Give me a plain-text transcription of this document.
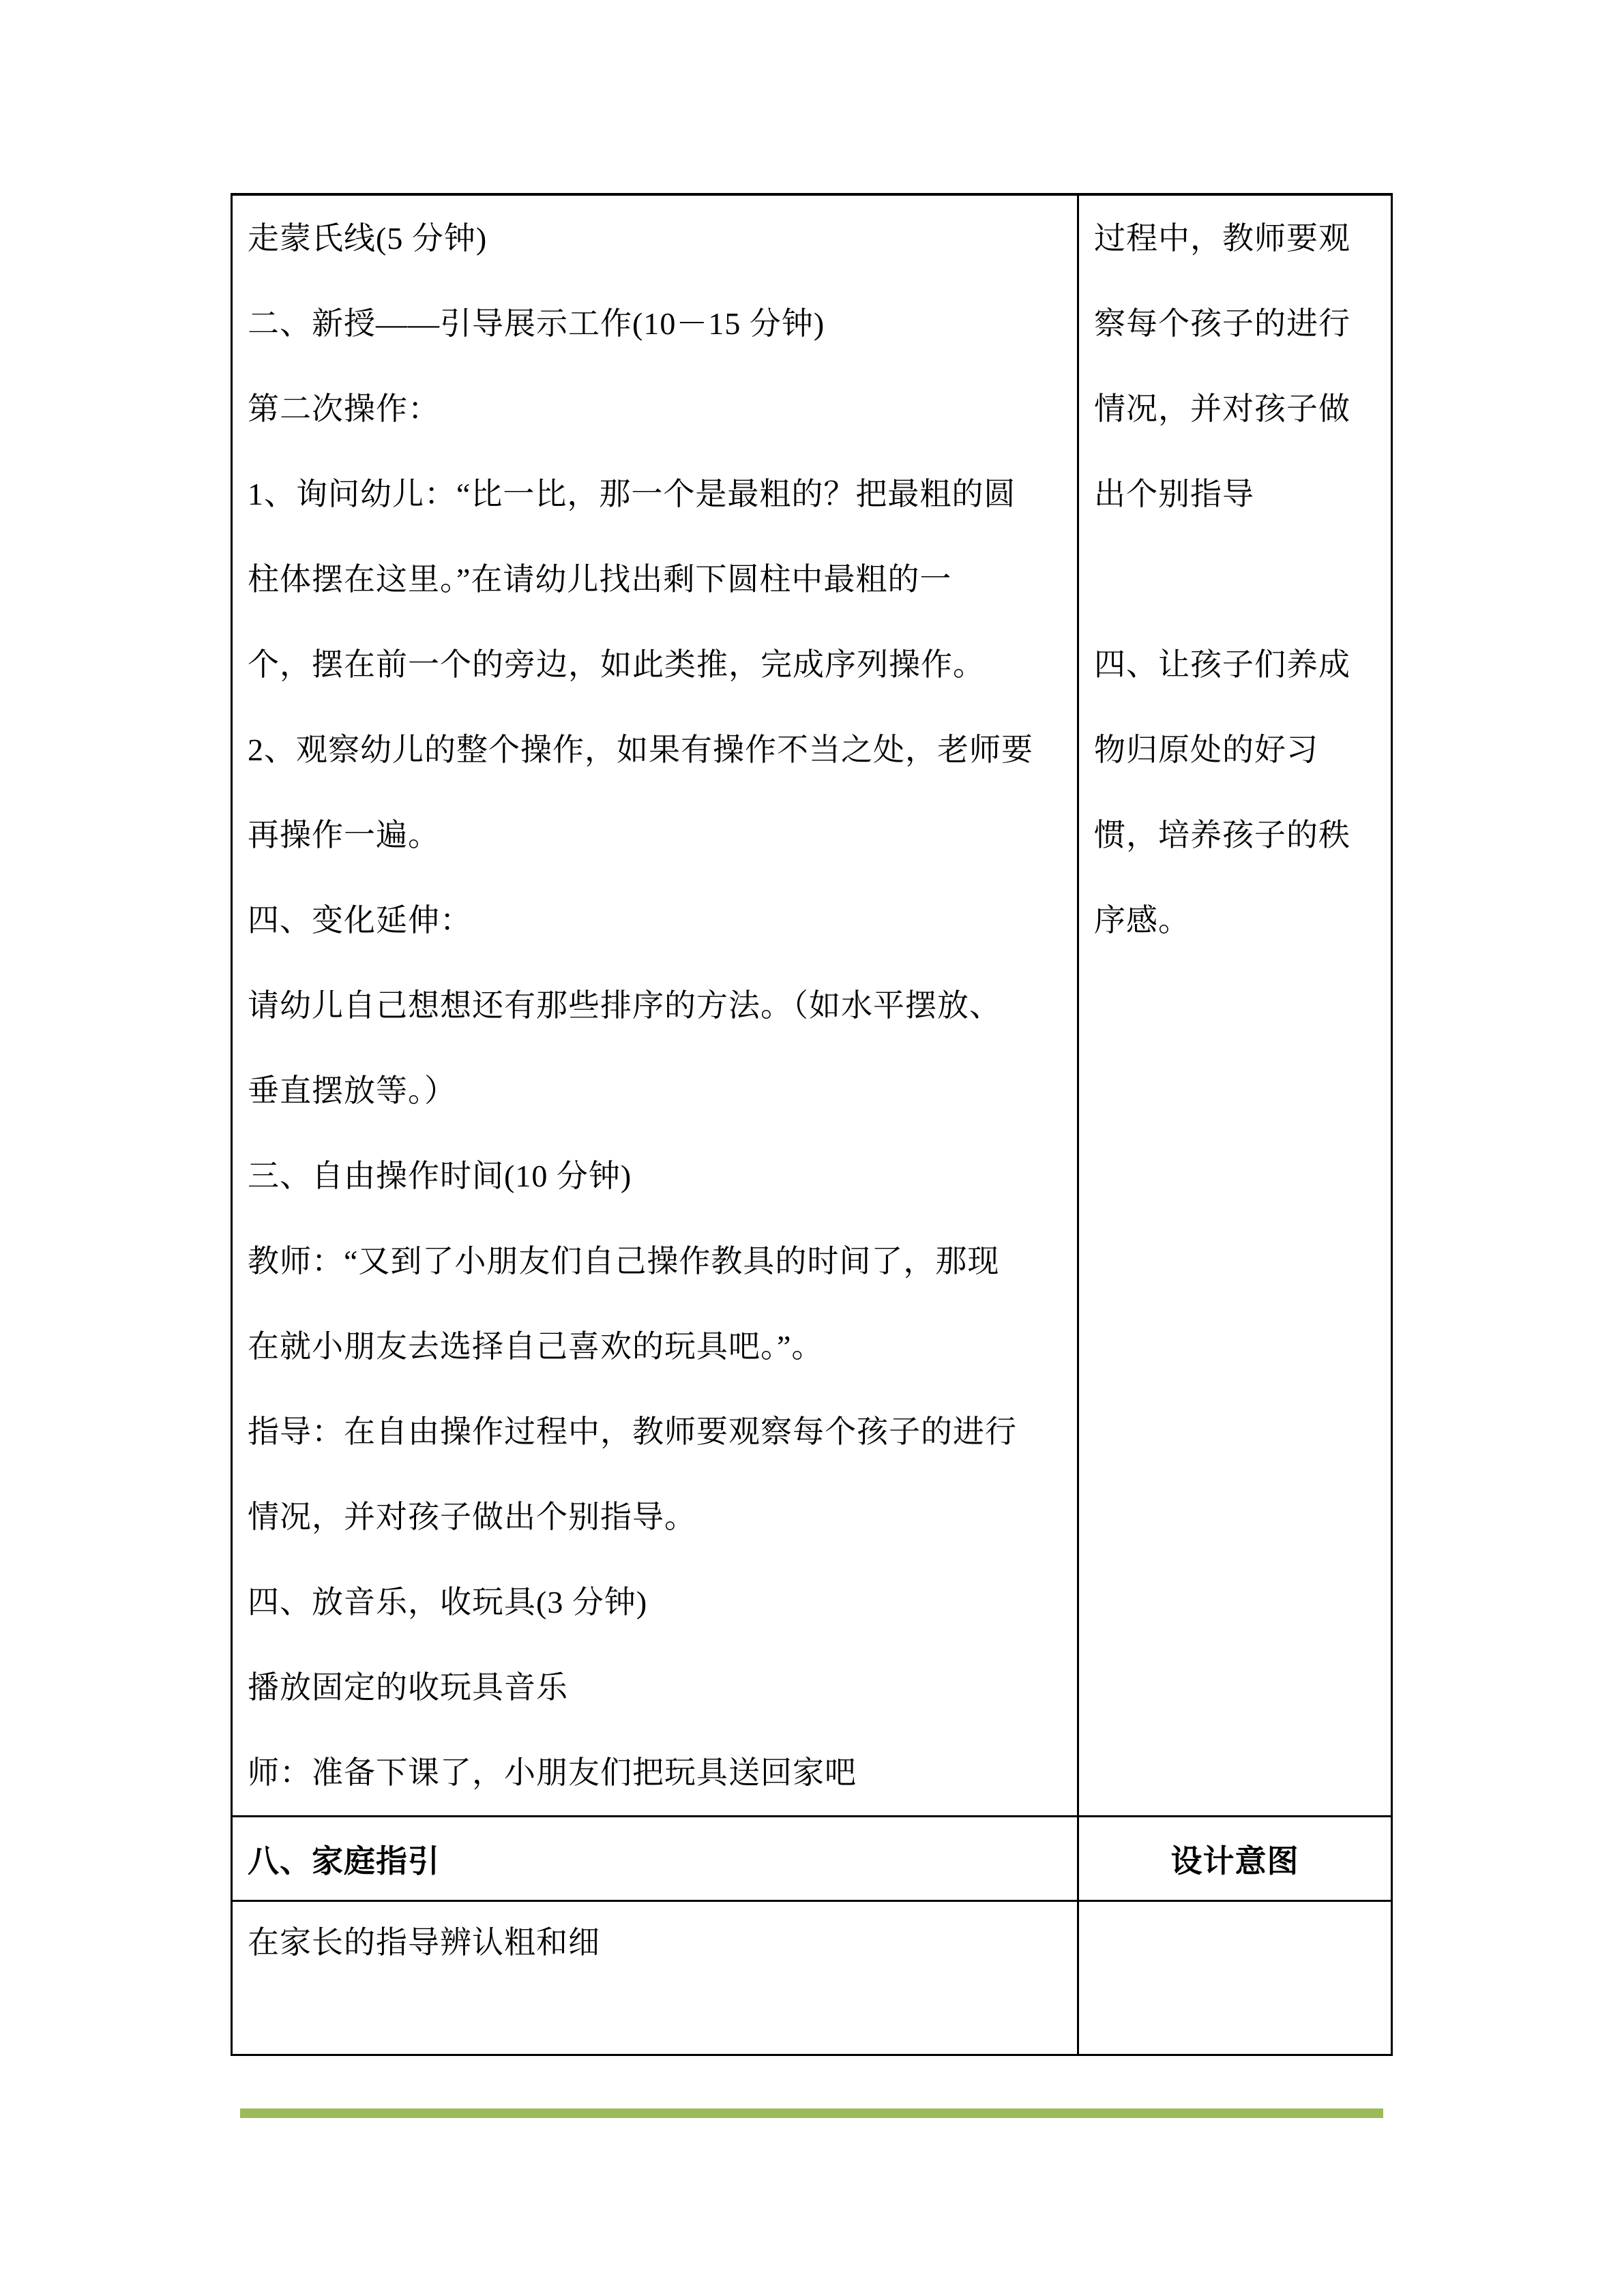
走蒙氏线(5 分钟)

二、新授——引导展示工作(10－15 分钟)

第二次操作：

1、询问幼儿：“比一比，那一个是最粗的？把最粗的圆

柱体摆在这里。”在请幼儿找出剩下圆柱中最粗的一

个，摆在前一个的旁边，如此类推，完成序列操作。

2、观察幼儿的整个操作，如果有操作不当之处，老师要

再操作一遍。

四、变化延伸：

请幼儿自己想想还有那些排序的方法。（如水平摆放、

垂直摆放等。）

三、自由操作时间(10 分钟)

教师：“又到了小朋友们自己操作教具的时间了，那现

在就小朋友去选择自己喜欢的玩具吧。”。

指导：在自由操作过程中，教师要观察每个孩子的进行

情况，并对孩子做出个别指导。

四、放音乐，收玩具(3 分钟)

播放固定的收玩具音乐

师：准备下课了，小朋友们把玩具送回家吧

过程中，教师要观

察每个孩子的进行

情况，并对孩子做

出个别指导

四、让孩子们养成

物归原处的好习

惯，培养孩子的秩

序感。

八、家庭指引	设计意图

在家长的指导辨认粗和细
